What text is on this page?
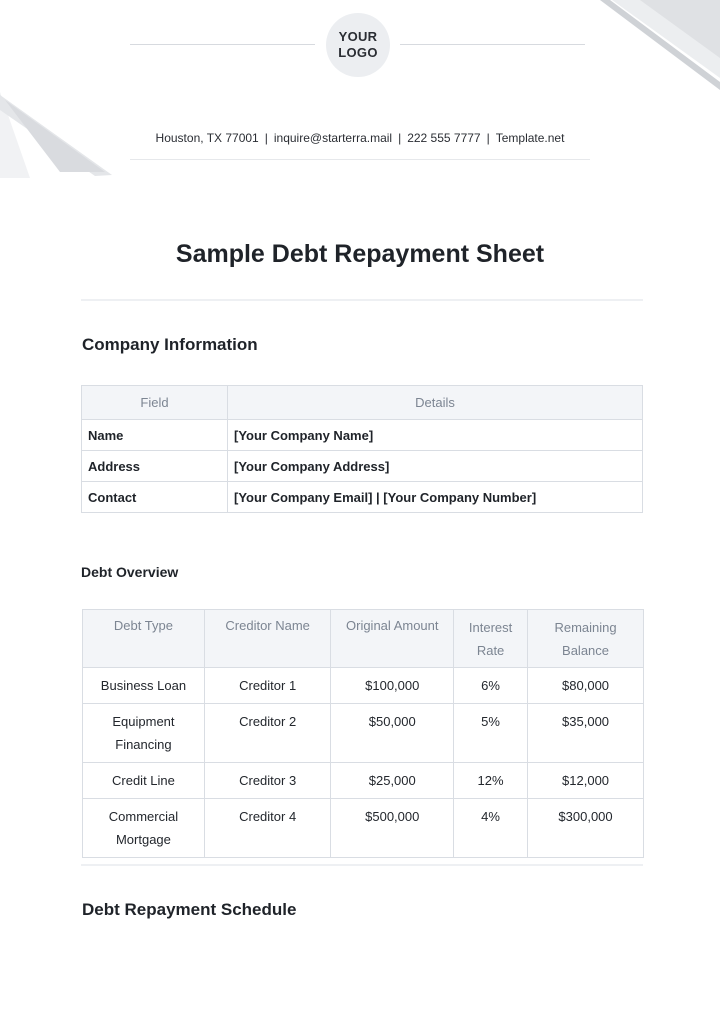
YOUR
LOGO
Houston, TX 77001 | inquire@starterra.mail | 222 555 7777 | Template.net
Sample Debt Repayment Sheet
Company Information
Field	Details
Name	[Your Company Name]
Address	[Your Company Address]
Contact	[Your Company Email] | [Your Company Number]
Debt Overview
Debt Type	Creditor Name	Original Amount	Interest Rate	Remaining Balance
Business Loan	Creditor 1	$100,000	6%	$80,000
Equipment Financing	Creditor 2	$50,000	5%	$35,000
Credit Line	Creditor 3	$25,000	12%	$12,000
Commercial Mortgage	Creditor 4	$500,000	4%	$300,000
Debt Repayment Schedule
